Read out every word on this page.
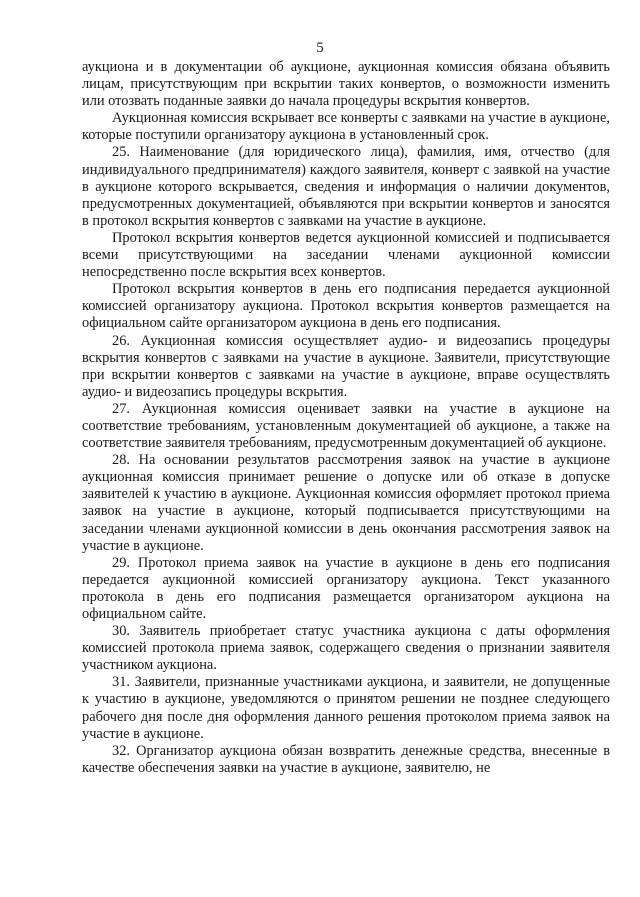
5

аукциона и в документации об аукционе, аукционная комиссия обязана объявить лицам, присутствующим при вскрытии таких конвертов, о возможности изменить или отозвать поданные заявки до начала процедуры вскрытия конвертов.

Аукционная комиссия вскрывает все конверты с заявками на участие в аукционе, которые поступили организатору аукциона в установленный срок.

25. Наименование (для юридического лица), фамилия, имя, отчество (для индивидуального предпринимателя) каждого заявителя, конверт с заявкой на участие в аукционе которого вскрывается, сведения и информация о наличии документов, предусмотренных документацией, объявляются при вскрытии конвертов и заносятся в протокол вскрытия конвертов с заявками на участие в аукционе.

Протокол вскрытия конвертов ведется аукционной комиссией и подписывается всеми присутствующими на заседании членами аукционной комиссии непосредственно после вскрытия всех конвертов.

Протокол вскрытия конвертов в день его подписания передается аукционной комиссией организатору аукциона. Протокол вскрытия конвертов размещается на официальном сайте организатором аукциона в день его подписания.

26. Аукционная комиссия осуществляет аудио- и видеозапись процедуры вскрытия конвертов с заявками на участие в аукционе. Заявители, присутствующие при вскрытии конвертов с заявками на участие в аукционе, вправе осуществлять аудио- и видеозапись процедуры вскрытия.

27. Аукционная комиссия оценивает заявки на участие в аукционе на соответствие требованиям, установленным документацией об аукционе, а также на соответствие заявителя требованиям, предусмотренным документацией об аукционе.

28. На основании результатов рассмотрения заявок на участие в аукционе аукционная комиссия принимает решение о допуске или об отказе в допуске заявителей к участию в аукционе. Аукционная комиссия оформляет протокол приема заявок на участие в аукционе, который подписывается присутствующими на заседании членами аукционной комиссии в день окончания рассмотрения заявок на участие в аукционе.

29. Протокол приема заявок на участие в аукционе в день его подписания передается аукционной комиссией организатору аукциона. Текст указанного протокола в день его подписания размещается организатором аукциона на официальном сайте.

30. Заявитель приобретает статус участника аукциона с даты оформления комиссией протокола приема заявок, содержащего сведения о признании заявителя участником аукциона.

31. Заявители, признанные участниками аукциона, и заявители, не допущенные к участию в аукционе, уведомляются о принятом решении не позднее следующего рабочего дня после дня оформления данного решения протоколом приема заявок на участие в аукционе.

32. Организатор аукциона обязан возвратить денежные средства, внесенные в качестве обеспечения заявки на участие в аукционе, заявителю, не
